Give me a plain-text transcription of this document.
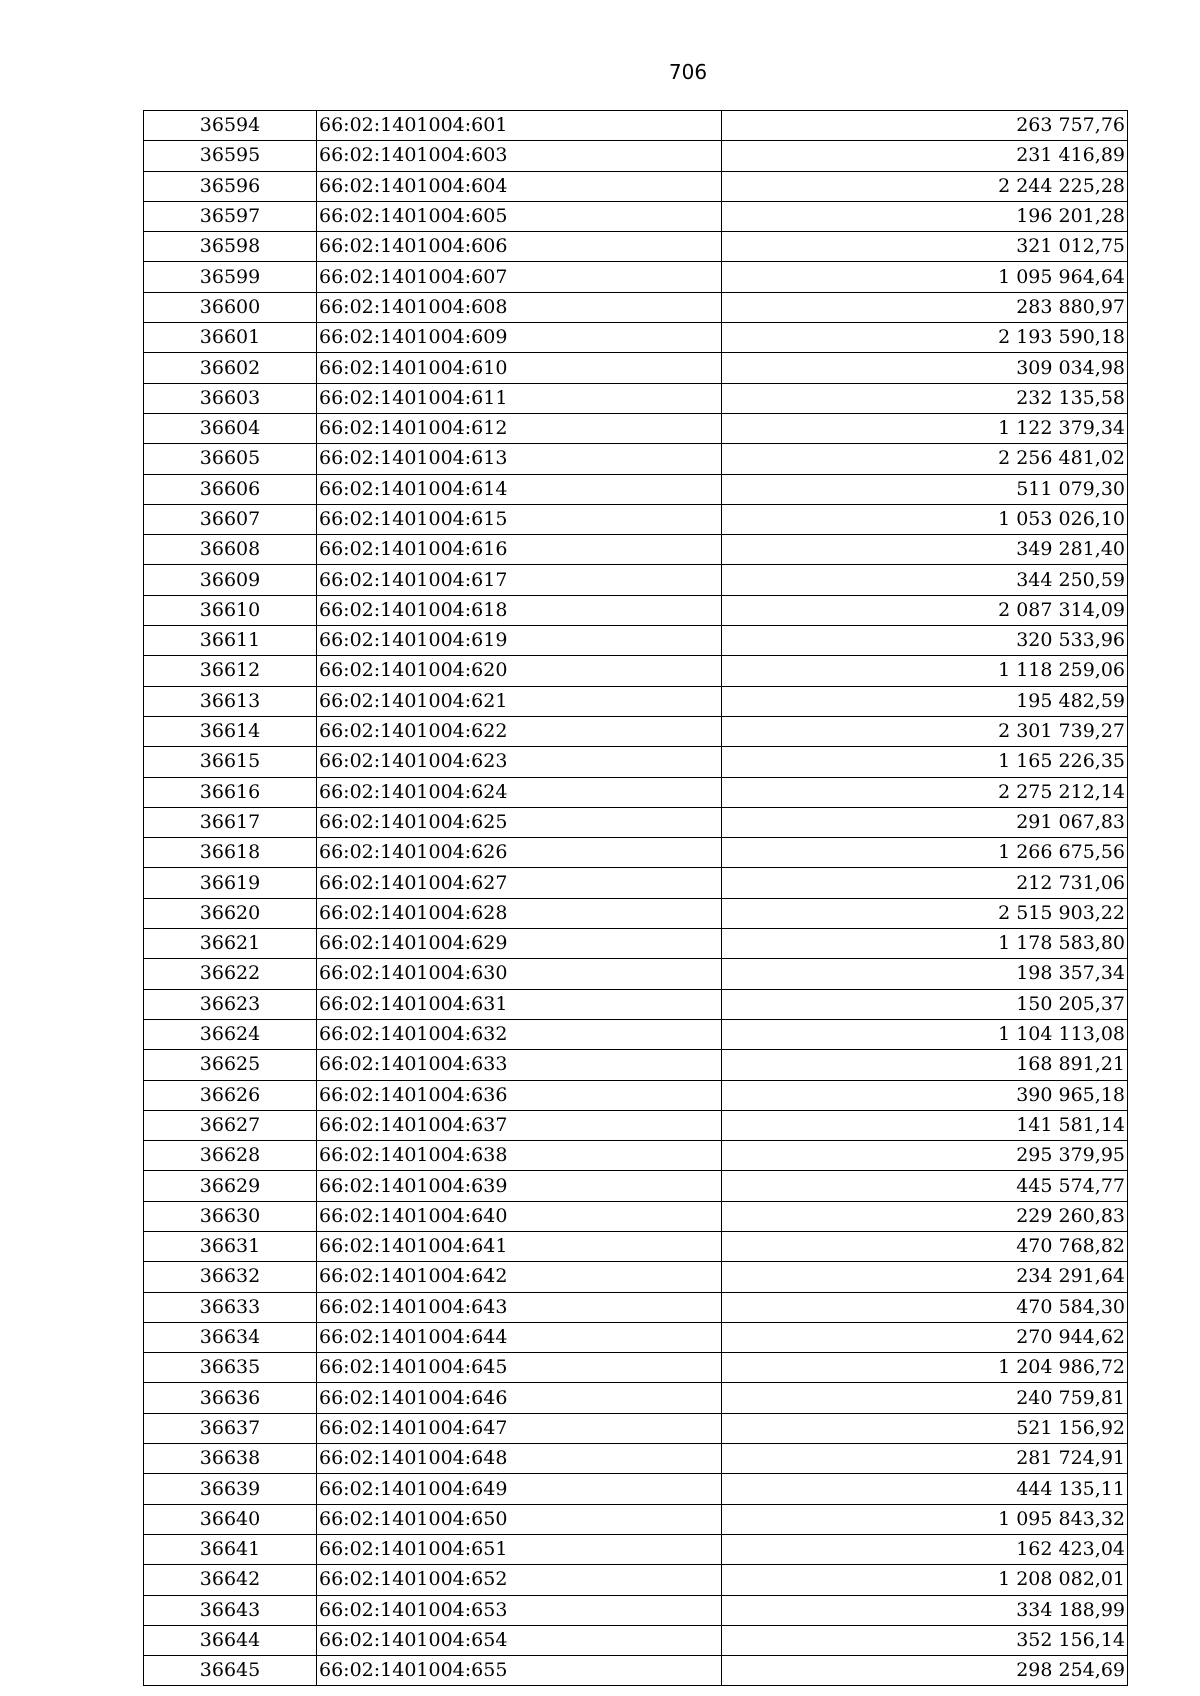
706
36594	66:02:1401004:601	263 757,76
36595	66:02:1401004:603	231 416,89
36596	66:02:1401004:604	2 244 225,28
36597	66:02:1401004:605	196 201,28
36598	66:02:1401004:606	321 012,75
36599	66:02:1401004:607	1 095 964,64
36600	66:02:1401004:608	283 880,97
36601	66:02:1401004:609	2 193 590,18
36602	66:02:1401004:610	309 034,98
36603	66:02:1401004:611	232 135,58
36604	66:02:1401004:612	1 122 379,34
36605	66:02:1401004:613	2 256 481,02
36606	66:02:1401004:614	511 079,30
36607	66:02:1401004:615	1 053 026,10
36608	66:02:1401004:616	349 281,40
36609	66:02:1401004:617	344 250,59
36610	66:02:1401004:618	2 087 314,09
36611	66:02:1401004:619	320 533,96
36612	66:02:1401004:620	1 118 259,06
36613	66:02:1401004:621	195 482,59
36614	66:02:1401004:622	2 301 739,27
36615	66:02:1401004:623	1 165 226,35
36616	66:02:1401004:624	2 275 212,14
36617	66:02:1401004:625	291 067,83
36618	66:02:1401004:626	1 266 675,56
36619	66:02:1401004:627	212 731,06
36620	66:02:1401004:628	2 515 903,22
36621	66:02:1401004:629	1 178 583,80
36622	66:02:1401004:630	198 357,34
36623	66:02:1401004:631	150 205,37
36624	66:02:1401004:632	1 104 113,08
36625	66:02:1401004:633	168 891,21
36626	66:02:1401004:636	390 965,18
36627	66:02:1401004:637	141 581,14
36628	66:02:1401004:638	295 379,95
36629	66:02:1401004:639	445 574,77
36630	66:02:1401004:640	229 260,83
36631	66:02:1401004:641	470 768,82
36632	66:02:1401004:642	234 291,64
36633	66:02:1401004:643	470 584,30
36634	66:02:1401004:644	270 944,62
36635	66:02:1401004:645	1 204 986,72
36636	66:02:1401004:646	240 759,81
36637	66:02:1401004:647	521 156,92
36638	66:02:1401004:648	281 724,91
36639	66:02:1401004:649	444 135,11
36640	66:02:1401004:650	1 095 843,32
36641	66:02:1401004:651	162 423,04
36642	66:02:1401004:652	1 208 082,01
36643	66:02:1401004:653	334 188,99
36644	66:02:1401004:654	352 156,14
36645	66:02:1401004:655	298 254,69
